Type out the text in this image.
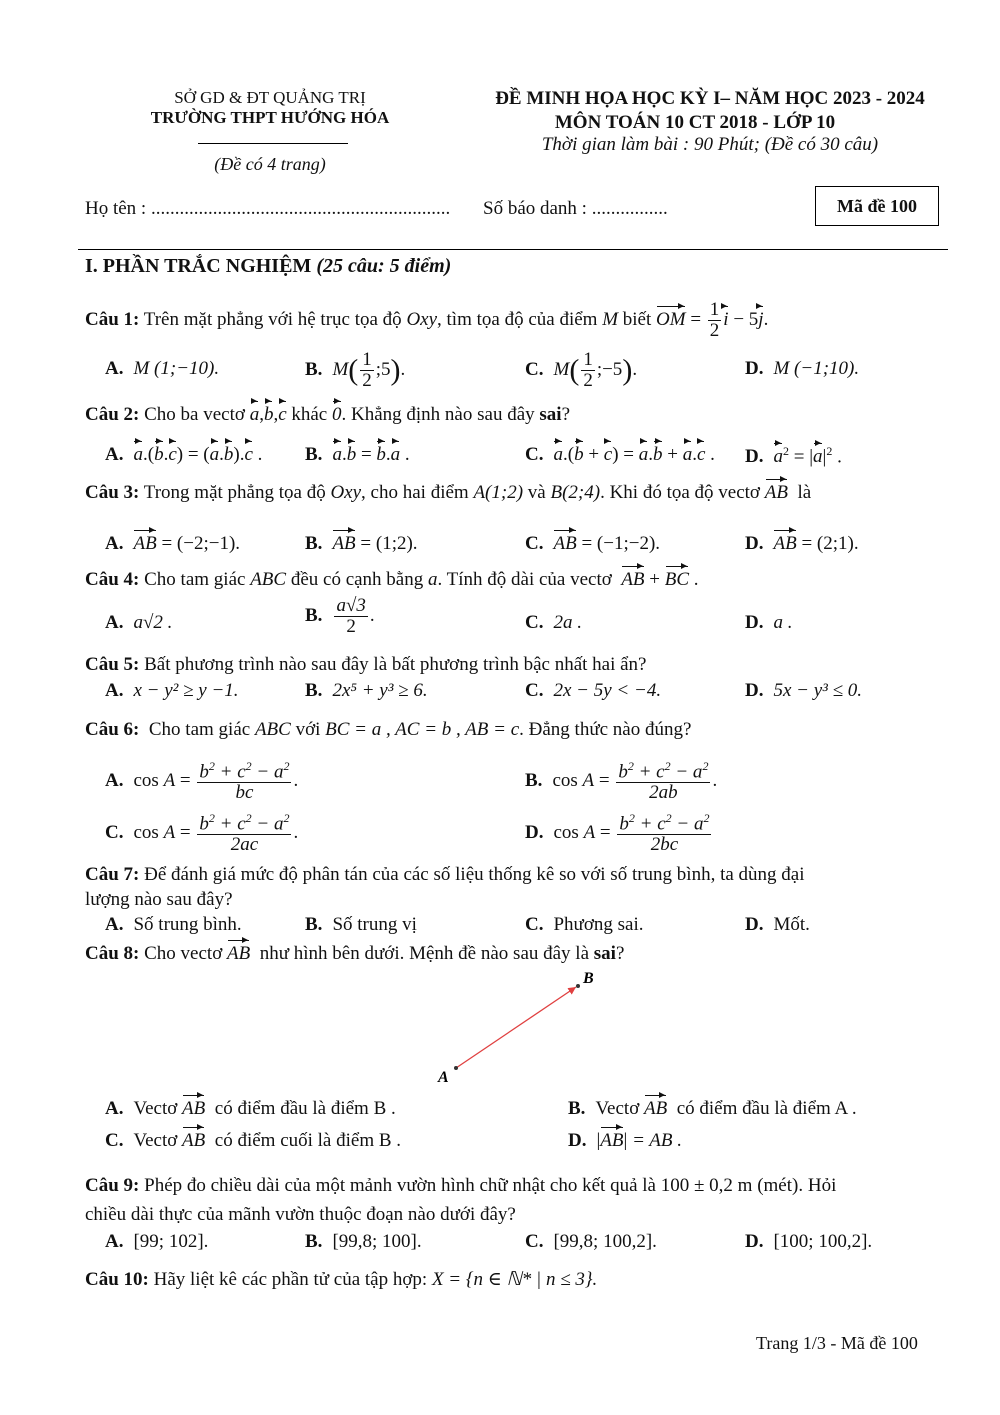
SỞ GD & ĐT QUẢNG TRỊ
TRƯỜNG THPT HƯỚNG HÓA
(Đề có 4 trang)
ĐỀ MINH HỌA HỌC KỲ I– NĂM HỌC 2023 - 2024
MÔN TOÁN 10 CT 2018 - LỚP 10
Thời gian làm bài : 90 Phút; (Đề có 30 câu)
Họ tên : ............................................................... Số báo danh : ................	Mã đề 100
I. PHẦN TRẮC NGHIỆM (25 câu: 5 điểm)
Câu 1: Trên mặt phẳng với hệ trục tọa độ Oxy, tìm tọa độ của điểm M biết OM = $\frac{1}{2}$ i − 5j.
A. M (1;−10).	B. $M( \frac{1}{2}$ ;5).	C. $M( \frac{1}{2}$ ;−5).	D. M (−1;10).
Câu 2: Cho ba vectơ a,b,c khác 0. Khẳng định nào sau đây sai?
A. a.(b.c) = (a.b).c . B. a.b = b.a .	C. a.(b + c) = a.b + a.c . D. $a^2 = |a|^2$ .
Câu 3: Trong mặt phẳng tọa độ Oxy, cho hai điểm A(1;2) và B(2;4). Khi đó tọa độ vectơ AB là
A. AB = (−2;−1).	B. AB = (1;2).	C. AB = (−1;−2).	D. AB = (2;1).
Câu 4: Cho tam giác ABC đều có cạnh bằng a. Tính độ dài của vectơ AB + BC .
A. a√2 .	B. $\frac{a√3}{2}$ .	C. 2a .	D. a .
Câu 5: Bất phương trình nào sau đây là bất phương trình bậc nhất hai ẩn?
A. x − y² ≥ y −1.	B. 2x⁵ + y³ ≥ 6.	C. 2x − 5y < −4.	D. 5x − y³ ≤ 0.
Câu 6: Cho tam giác ABC với BC = a , AC = b , AB = c. Đẳng thức nào đúng?
A. $\cos A = \frac{b^2 + c^2 - a^2}{bc}$ .	B. $\cos A = \frac{b^2 + c^2 - a^2}{2ab}$ .
C. $\cos A = \frac{b^2 + c^2 - a^2}{2ac}$ .	D. $\cos A = \frac{b^2 + c^2 - a^2}{2bc}$
Câu 7: Để đánh giá mức độ phân tán của các số liệu thống kê so với số trung bình, ta dùng đại
lượng nào sau đây?
A. Số trung bình.	B. Số trung vị	C. Phương sai.	D. Mốt.
Câu 8: Cho vectơ AB như hình bên dưới. Mệnh đề nào sau đây là sai?
A
B
A. Vectơ AB có điểm đầu là điểm B .	B. Vectơ AB có điểm đầu là điểm A .
C. Vectơ AB có điểm cuối là điểm B .	D. |AB| = AB .
Câu 9: Phép đo chiều dài của một mảnh vườn hình chữ nhật cho kết quả là 100 ± 0,2 m (mét). Hỏi
chiều dài thực của mãnh vườn thuộc đoạn nào dưới đây?
A. [99; 102].	B. [99,8; 100].	C. [99,8; 100,2].	D. [100; 100,2].
Câu 10: Hãy liệt kê các phần tử của tập hợp: X = {n ∈ ℕ* | n ≤ 3}.
Trang 1/3 - Mã đề 100
